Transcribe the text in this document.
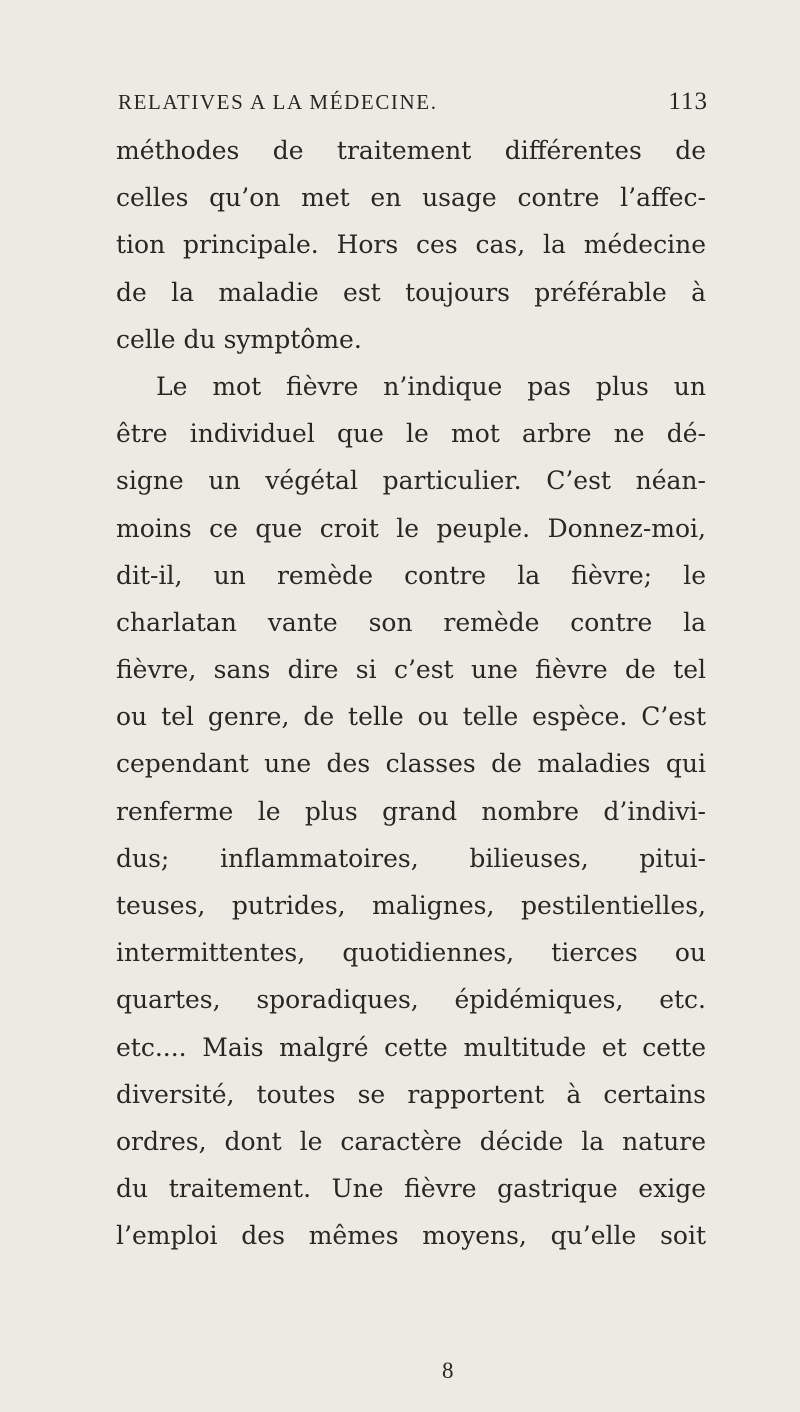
RELATIVES A LA MÉDECINE.	113
méthodes de traitement différentes de
celles qu’on met en usage contre l’affec-
tion principale. Hors ces cas, la médecine
de la maladie est toujours préférable à
celle du symptôme.
Le mot fièvre n’indique pas plus un
être individuel que le mot arbre ne dé-
signe un végétal particulier. C’est néan-
moins ce que croit le peuple. Donnez-moi,
dit-il, un remède contre la fièvre; le
charlatan vante son remède contre la
fièvre, sans dire si c’est une fièvre de tel
ou tel genre, de telle ou telle espèce. C’est
cependant une des classes de maladies qui
renferme le plus grand nombre d’indivi-
dus; inflammatoires, bilieuses, pitui-
teuses, putrides, malignes, pestilentielles,
intermittentes, quotidiennes, tierces ou
quartes, sporadiques, épidémiques, etc.
etc.... Mais malgré cette multitude et cette
diversité, toutes se rapportent à certains
ordres, dont le caractère décide la nature
du traitement. Une fièvre gastrique exige
l’emploi des mêmes moyens, qu’elle soit
8
